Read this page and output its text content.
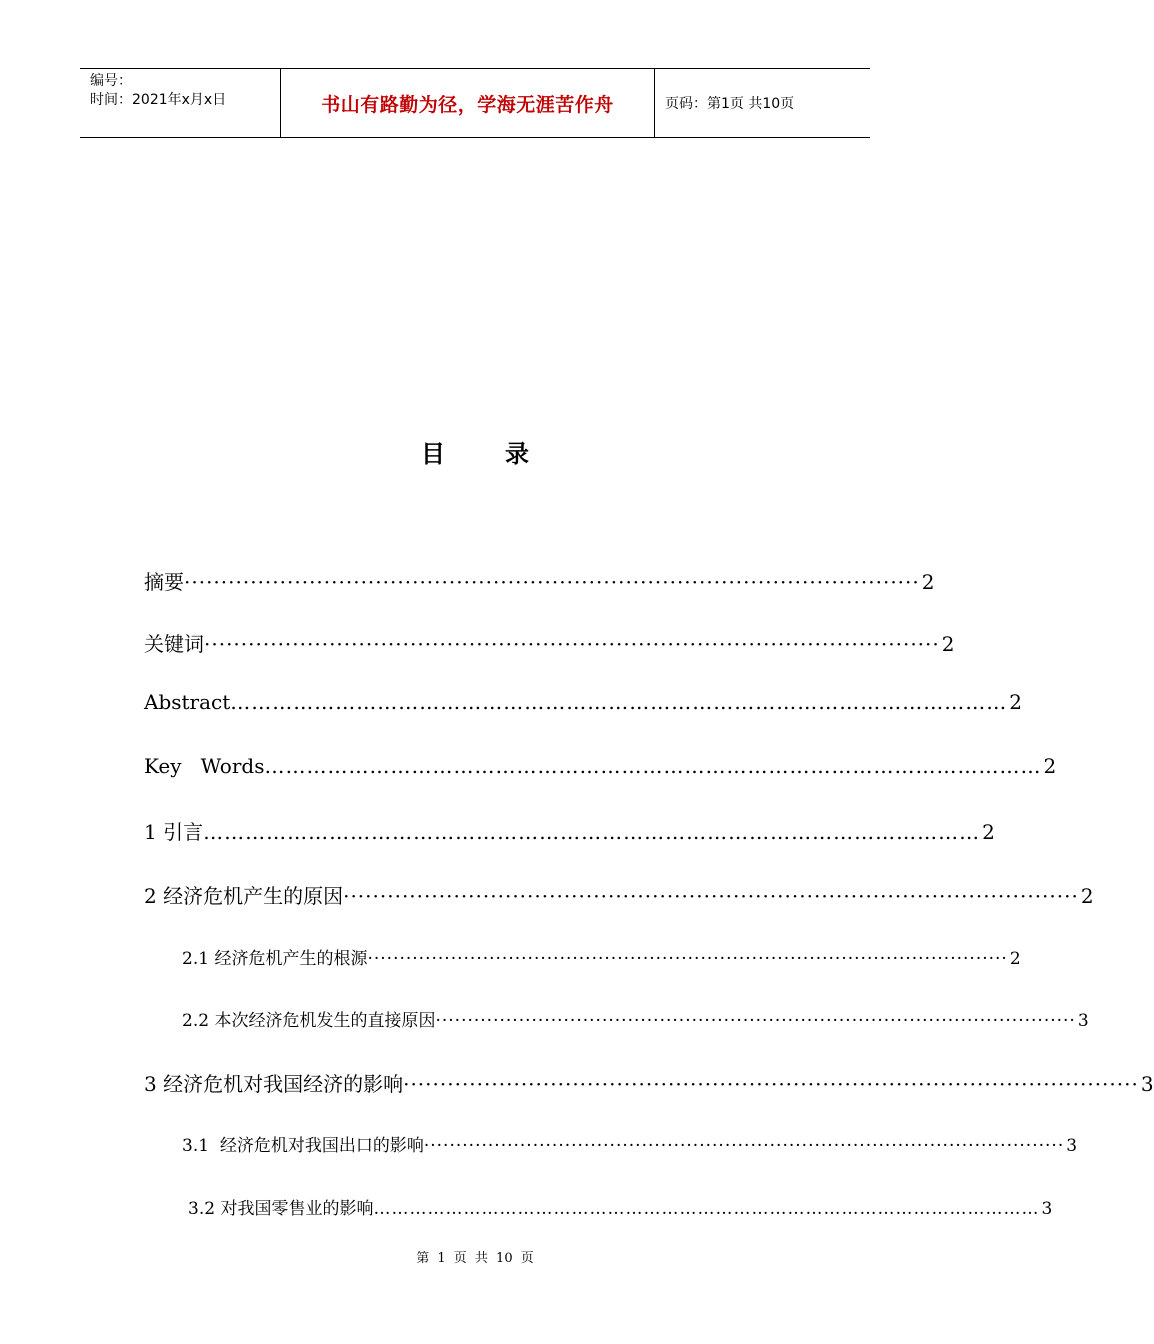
编号：
时间：2021年x月x日	书山有路勤为径，学海无涯苦作舟	页码：第1页 共10页
目	录
摘要 ···································································································· 2
关键词 ···································································································· 2
Abstract ………………………………………………………………………………………………… 2
Key   Words ………………………………………………………………………………………………… 2
1 引言 ………………………………………………………………………………………………… 2
2 经济危机产生的原因 ···································································································· 2
2.1 经济危机产生的根源 ···································································································· 2
2.2 本次经济危机发生的直接原因 ···································································································· 3
3 经济危机对我国经济的影响 ···································································································· 3
3.1  经济危机对我国出口的影响 ···································································································· 3
3.2 对我国零售业的影响 ………………………………………………………………………………………………… 3
第 1 页 共 10 页
